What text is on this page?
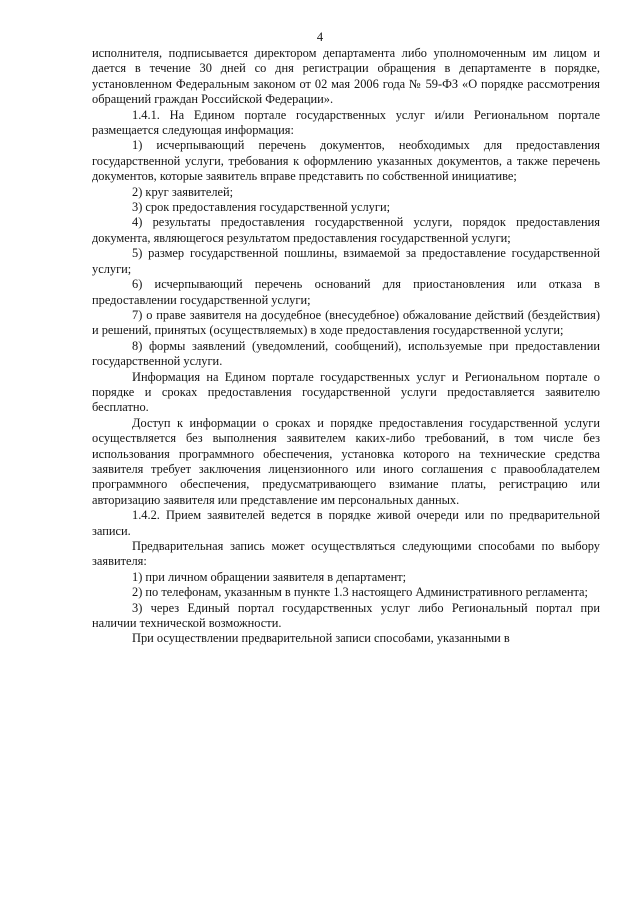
4

исполнителя, подписывается директором департамента либо уполномоченным им лицом и дается в течение 30 дней со дня регистрации обращения в департаменте в порядке, установленном Федеральным законом от 02 мая 2006 года № 59-ФЗ «О порядке рассмотрения обращений граждан Российской Федерации».

1.4.1. На Едином портале государственных услуг и/или Региональном портале размещается следующая информация:

1) исчерпывающий перечень документов, необходимых для предоставления государственной услуги, требования к оформлению указанных документов, а также перечень документов, которые заявитель вправе представить по собственной инициативе;

2) круг заявителей;

3) срок предоставления государственной услуги;

4) результаты предоставления государственной услуги, порядок предоставления документа, являющегося результатом предоставления государственной услуги;

5) размер государственной пошлины, взимаемой за предоставление государственной услуги;

6) исчерпывающий перечень оснований для приостановления или отказа в предоставлении государственной услуги;

7) о праве заявителя на досудебное (внесудебное) обжалование действий (бездействия) и решений, принятых (осуществляемых) в ходе предоставления государственной услуги;

8) формы заявлений (уведомлений, сообщений), используемые при предоставлении государственной услуги.

Информация на Едином портале государственных услуг и Региональном портале о порядке и сроках предоставления государственной услуги предоставляется заявителю бесплатно.

Доступ к информации о сроках и порядке предоставления государственной услуги осуществляется без выполнения заявителем каких-либо требований, в том числе без использования программного обеспечения, установка которого на технические средства заявителя требует заключения лицензионного или иного соглашения с правообладателем программного обеспечения, предусматривающего взимание платы, регистрацию или авторизацию заявителя или представление им персональных данных.

1.4.2. Прием заявителей ведется в порядке живой очереди или по предварительной записи.

Предварительная запись может осуществляться следующими способами по выбору заявителя:

1) при личном обращении заявителя в департамент;

2) по телефонам, указанным в пункте 1.3 настоящего Административного регламента;

3) через Единый портал государственных услуг либо Региональный портал при наличии технической возможности.

При осуществлении предварительной записи способами, указанными в
